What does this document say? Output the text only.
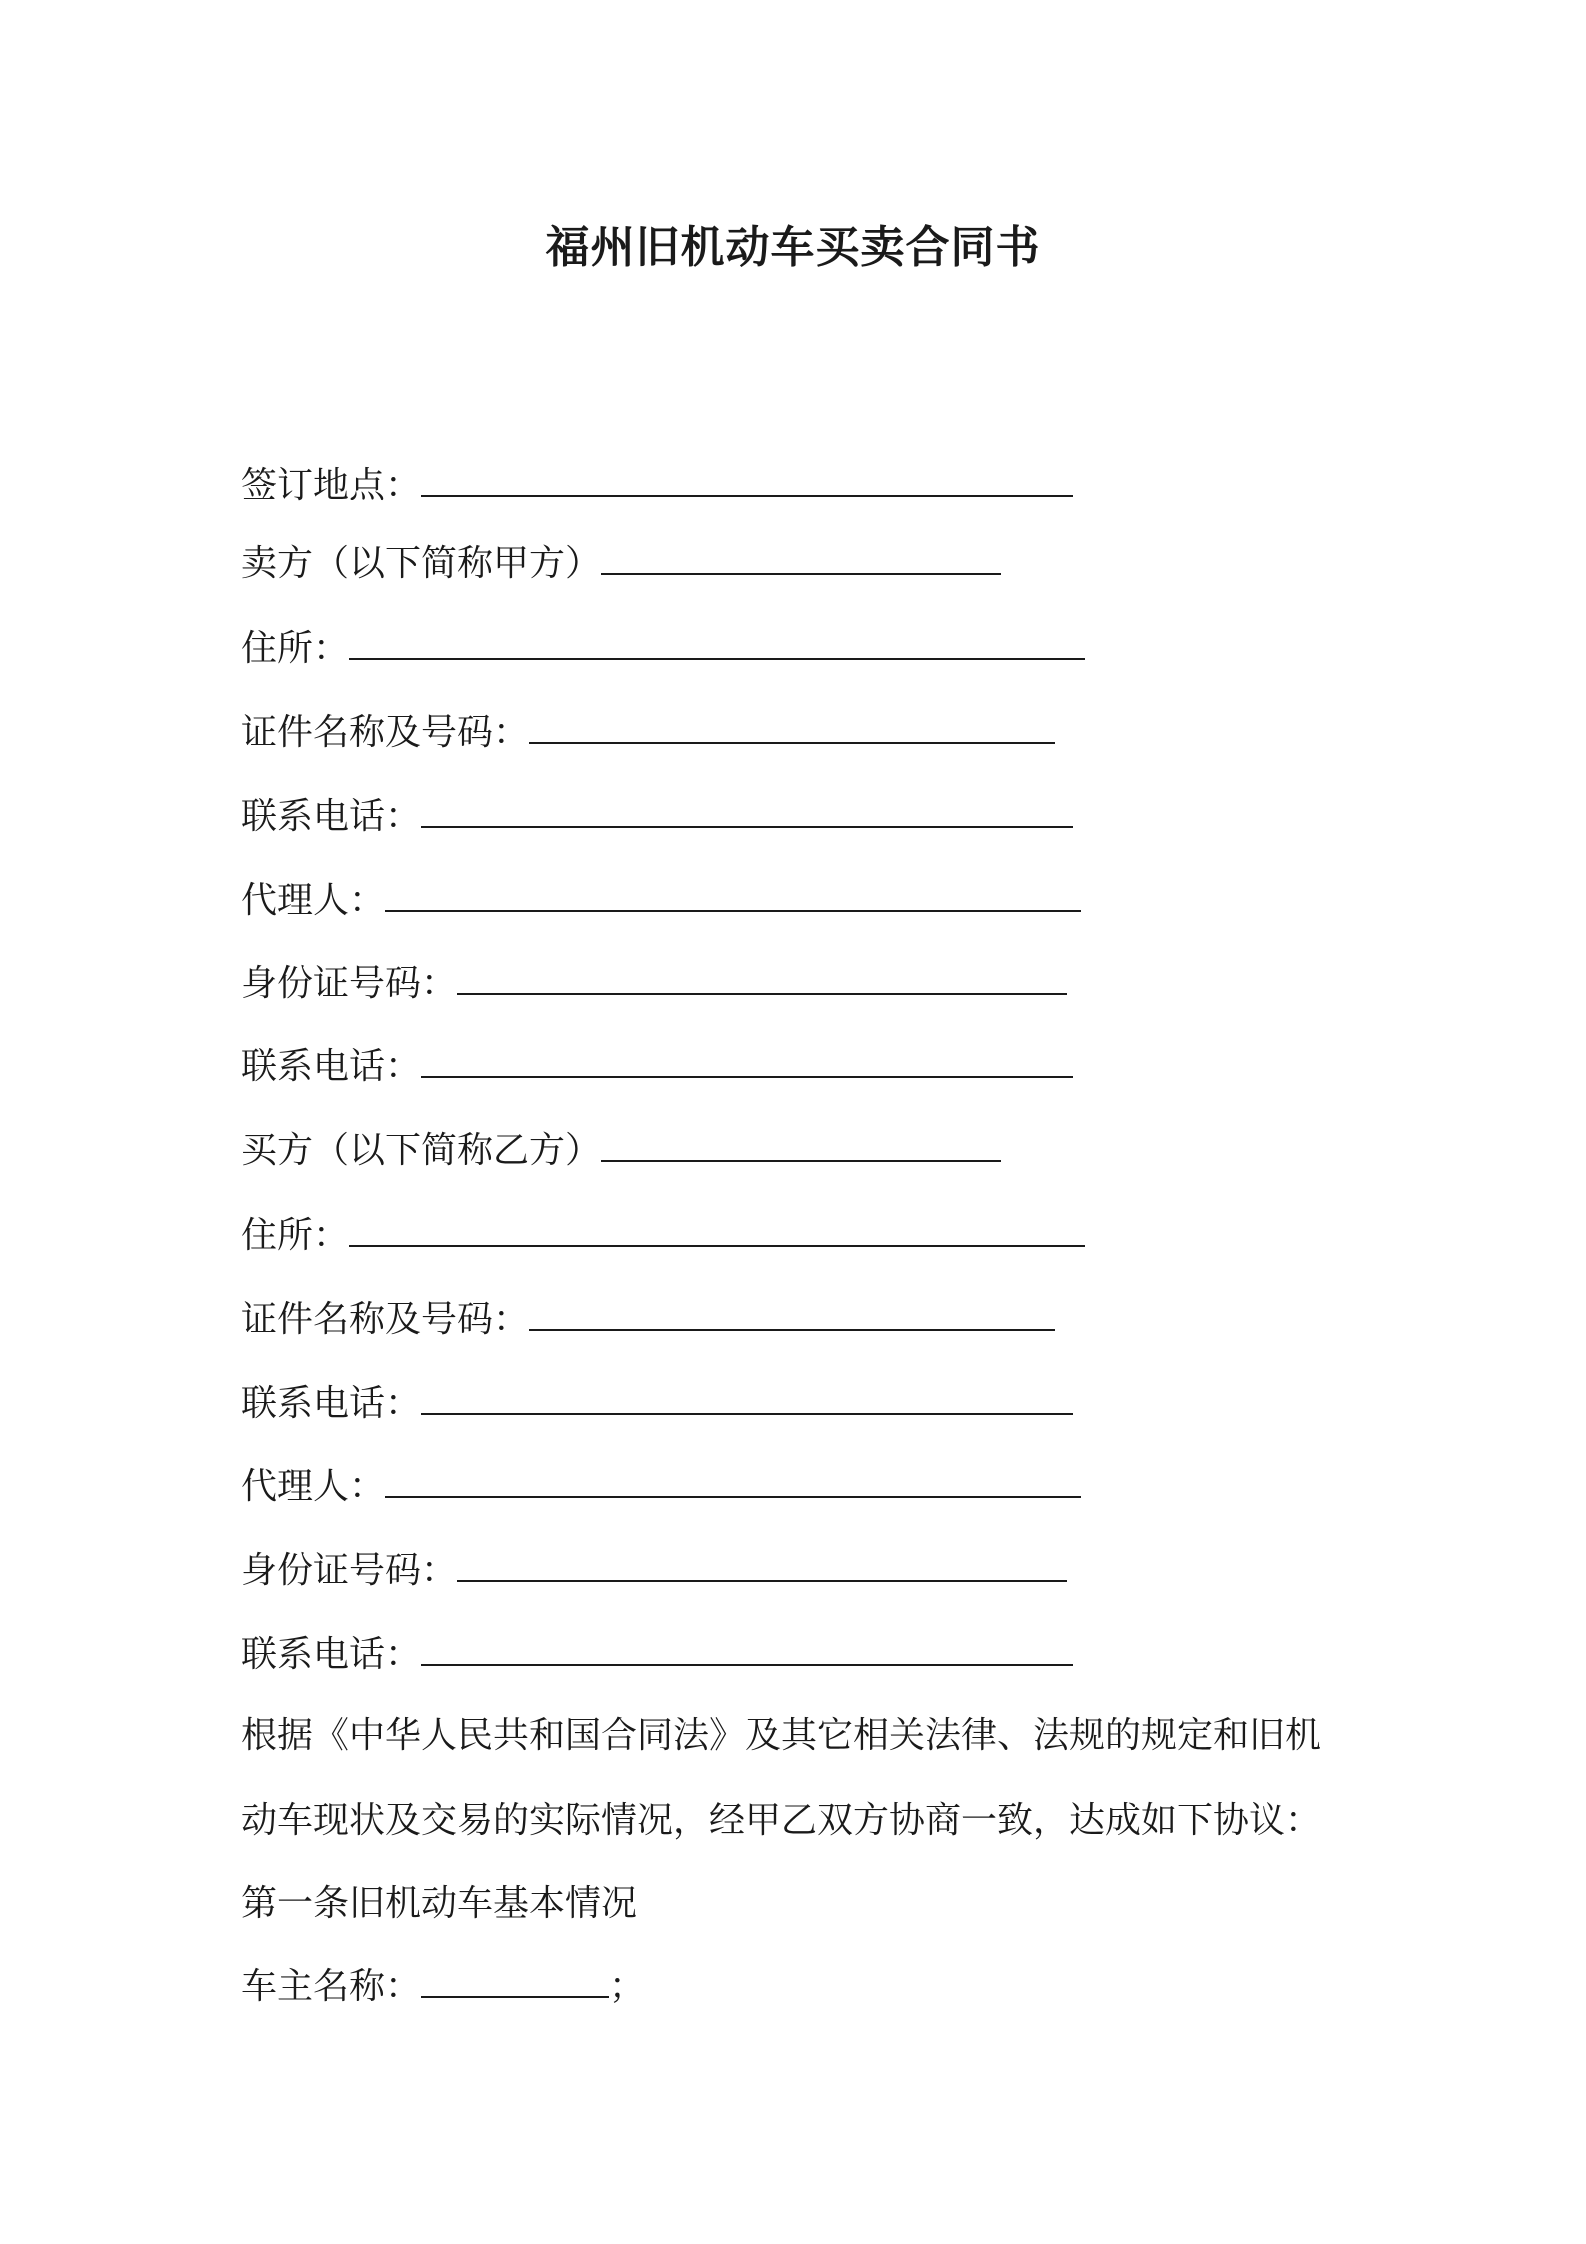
福州旧机动车买卖合同书
签订地点：
卖方（以下简称甲方）
住所：
证件名称及号码：
联系电话：
代理人：
身份证号码：
联系电话：
买方（以下简称乙方）
住所：
证件名称及号码：
联系电话：
代理人：
身份证号码：
联系电话：
根据《中华人民共和国合同法》及其它相关法律、法规的规定和旧机
动车现状及交易的实际情况，经甲乙双方协商一致，达成如下协议：
第一条旧机动车基本情况
车主名称：	；
